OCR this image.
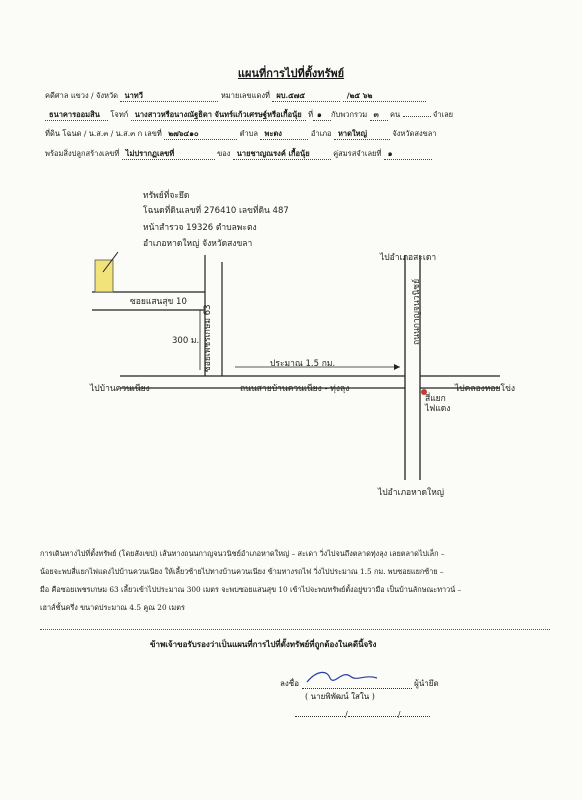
แผนที่การไปที่ตั้งทรัพย์
คดีศาล แขวง / จังหวัด นาทวี	หมายเลขแดงที่ ผบ.๕๗๕	/๒๕ ๖๒
ธนาคารออมสิน โจทก์ นางสาวหรือนางณัฐธิดา จันทร์แก้วเศรษฐ์หรือเกื้อนุ้ย ที่ ๑ กับพวกรวม ๓ คน	จำเลย
ที่ดิน โฉนด / น.ส.๓ / น.ส.๓ ก เลขที่ ๒๗๖๔๑๐	ตำบล พะตง	อำเภอ หาดใหญ่	จังหวัดสงขลา
พร้อมสิ่งปลูกสร้างเลขที่ ไม่ปรากฏเลขที่	ของ นายชาญณรงค์ เกื้อนุ้ย	คู่สมรสจำเลยที่ ๑
ทรัพย์ที่จะยึด
โฉนดที่ดินเลขที่ 276410 เลขที่ดิน 487
หน้าสำรวจ 19326 ตำบลพะตง
อำเภอหาดใหญ่ จังหวัดสงขลา
ไปอำเภอสะเดา
ซอยแสนสุข 10
300 ม. ซอยเพชรเกษม 63	ประมาณ 1.5 กม.
ไปบ้านควนเนียง	ถนนสายบ้านควนเนียง - ทุ่งลุง	ไปคลองหอยโข่ง
ถนนกาญจนวนิชย์
สี่แยกไฟแดง
ไปอำเภอหาดใหญ่
การเดินทางไปที่ตั้งทรัพย์ (โดยสังเขป) เส้นทางถนนกาญจนวนิชย์อำเภอหาดใหญ่ – สะเดา วิ่งไปจนถึงตลาดทุ่งลุง เลยตลาดไปเล็ก –
น้อยจะพบสี่แยกไฟแดงไปบ้านควนเนียง ให้เลี้ยวซ้ายไปทางบ้านควนเนียง ข้ามทางรถไฟ วิ่งไปประมาณ 1.5 กม. พบซอยแยกซ้าย –
มือ คือซอยเพชรเกษม 63 เลี้ยวเข้าไปประมาณ 300 เมตร จะพบซอยแสนสุข 10 เข้าไปจะพบทรัพย์ตั้งอยู่ขวามือ เป็นบ้านลักษณะทาวน์ –
เฮาส์ชั้นครึ่ง ขนาดประมาณ 4.5 คูณ 20 เมตร
ข้าพเจ้าขอรับรองว่าเป็นแผนที่การไปที่ตั้งทรัพย์ที่ถูกต้องในคดีนี้จริง
ลงชื่อ	ผู้นำยึด
( นายพิพัฒน์ ใสใน )
/	/
